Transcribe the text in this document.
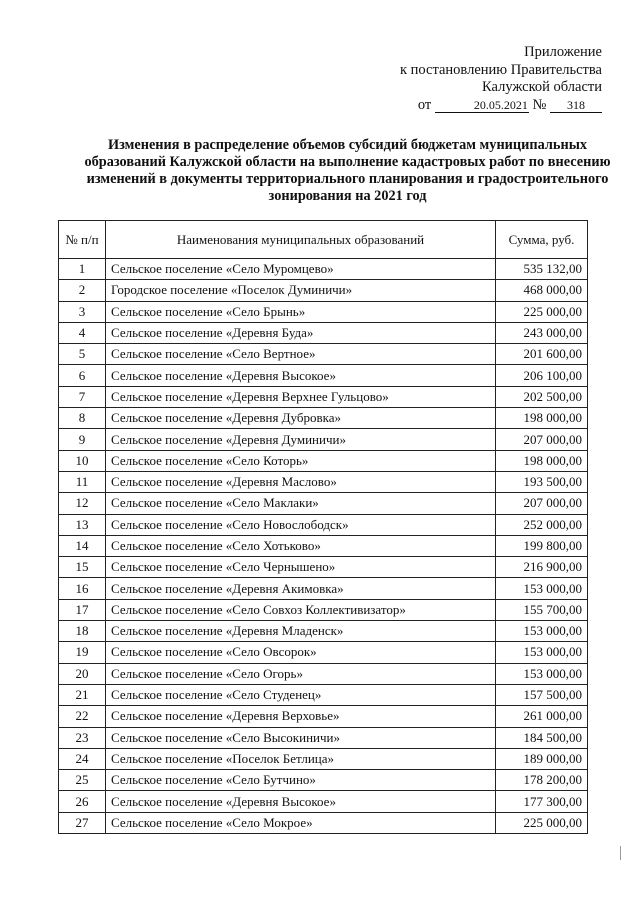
Приложение
к постановлению Правительства
Калужской области
от	20.05.2021 № 318
Изменения в распределение объемов субсидий бюджетам муниципальных образований Калужской области на выполнение кадастровых работ по внесению изменений в документы территориального планирования и градостроительного зонирования на 2021 год
№ п/п	Наименования муниципальных образований	Сумма, руб.
1	Сельское поселение «Село Муромцево»	535 132,00
2	Городское поселение «Поселок Думиничи»	468 000,00
3	Сельское поселение «Село Брынь»	225 000,00
4	Сельское поселение «Деревня Буда»	243 000,00
5	Сельское поселение «Село Вертное»	201 600,00
6	Сельское поселение «Деревня Высокое»	206 100,00
7	Сельское поселение «Деревня Верхнее Гульцово»	202 500,00
8	Сельское поселение «Деревня Дубровка»	198 000,00
9	Сельское поселение «Деревня Думиничи»	207 000,00
10	Сельское поселение «Село Которь»	198 000,00
11	Сельское поселение «Деревня Маслово»	193 500,00
12	Сельское поселение «Село Маклаки»	207 000,00
13	Сельское поселение «Село Новослободск»	252 000,00
14	Сельское поселение «Село Хотьково»	199 800,00
15	Сельское поселение «Село Чернышено»	216 900,00
16	Сельское поселение «Деревня Акимовка»	153 000,00
17	Сельское поселение «Село Совхоз Коллективизатор»	155 700,00
18	Сельское поселение «Деревня Младенск»	153 000,00
19	Сельское поселение «Село Овсорок»	153 000,00
20	Сельское поселение «Село Огорь»	153 000,00
21	Сельское поселение «Село Студенец»	157 500,00
22	Сельское поселение «Деревня Верховье»	261 000,00
23	Сельское поселение «Село Высокиничи»	184 500,00
24	Сельское поселение «Поселок Бетлица»	189 000,00
25	Сельское поселение «Село Бутчино»	178 200,00
26	Сельское поселение «Деревня Высокое»	177 300,00
27	Сельское поселение «Село Мокрое»	225 000,00
